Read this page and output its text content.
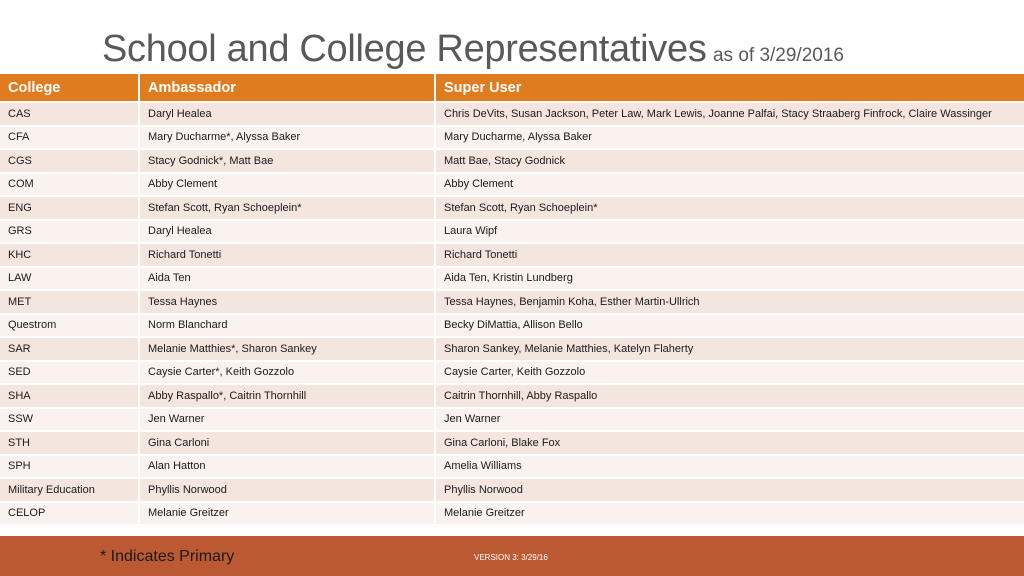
School and College Representatives as of 3/29/2016
College	Ambassador	Super User
CAS	Daryl Healea	Chris DeVits, Susan Jackson, Peter Law, Mark Lewis, Joanne Palfai, Stacy Straaberg Finfrock, Claire Wassinger
CFA	Mary Ducharme*, Alyssa Baker	Mary Ducharme, Alyssa Baker
CGS	Stacy Godnick*, Matt Bae	Matt Bae, Stacy Godnick
COM	Abby Clement	Abby Clement
ENG	Stefan Scott, Ryan Schoeplein*	Stefan Scott, Ryan Schoeplein*
GRS	Daryl Healea	Laura Wipf
KHC	Richard Tonetti	Richard Tonetti
LAW	Aida Ten	Aida Ten, Kristin Lundberg
MET	Tessa Haynes	Tessa Haynes, Benjamin Koha, Esther Martin-Ullrich
Questrom	Norm Blanchard	Becky DiMattia, Allison Bello
SAR	Melanie Matthies*, Sharon Sankey	Sharon Sankey, Melanie Matthies, Katelyn Flaherty
SED	Caysie Carter*, Keith Gozzolo	Caysie Carter, Keith Gozzolo
SHA	Abby Raspallo*, Caitrin Thornhill	Caitrin Thornhill, Abby Raspallo
SSW	Jen Warner	Jen Warner
STH	Gina Carloni	Gina Carloni, Blake Fox
SPH	Alan Hatton	Amelia Williams
Military Education	Phyllis Norwood	Phyllis Norwood
CELOP	Melanie Greitzer	Melanie Greitzer
* Indicates Primary	VERSION 3: 3/29/16
